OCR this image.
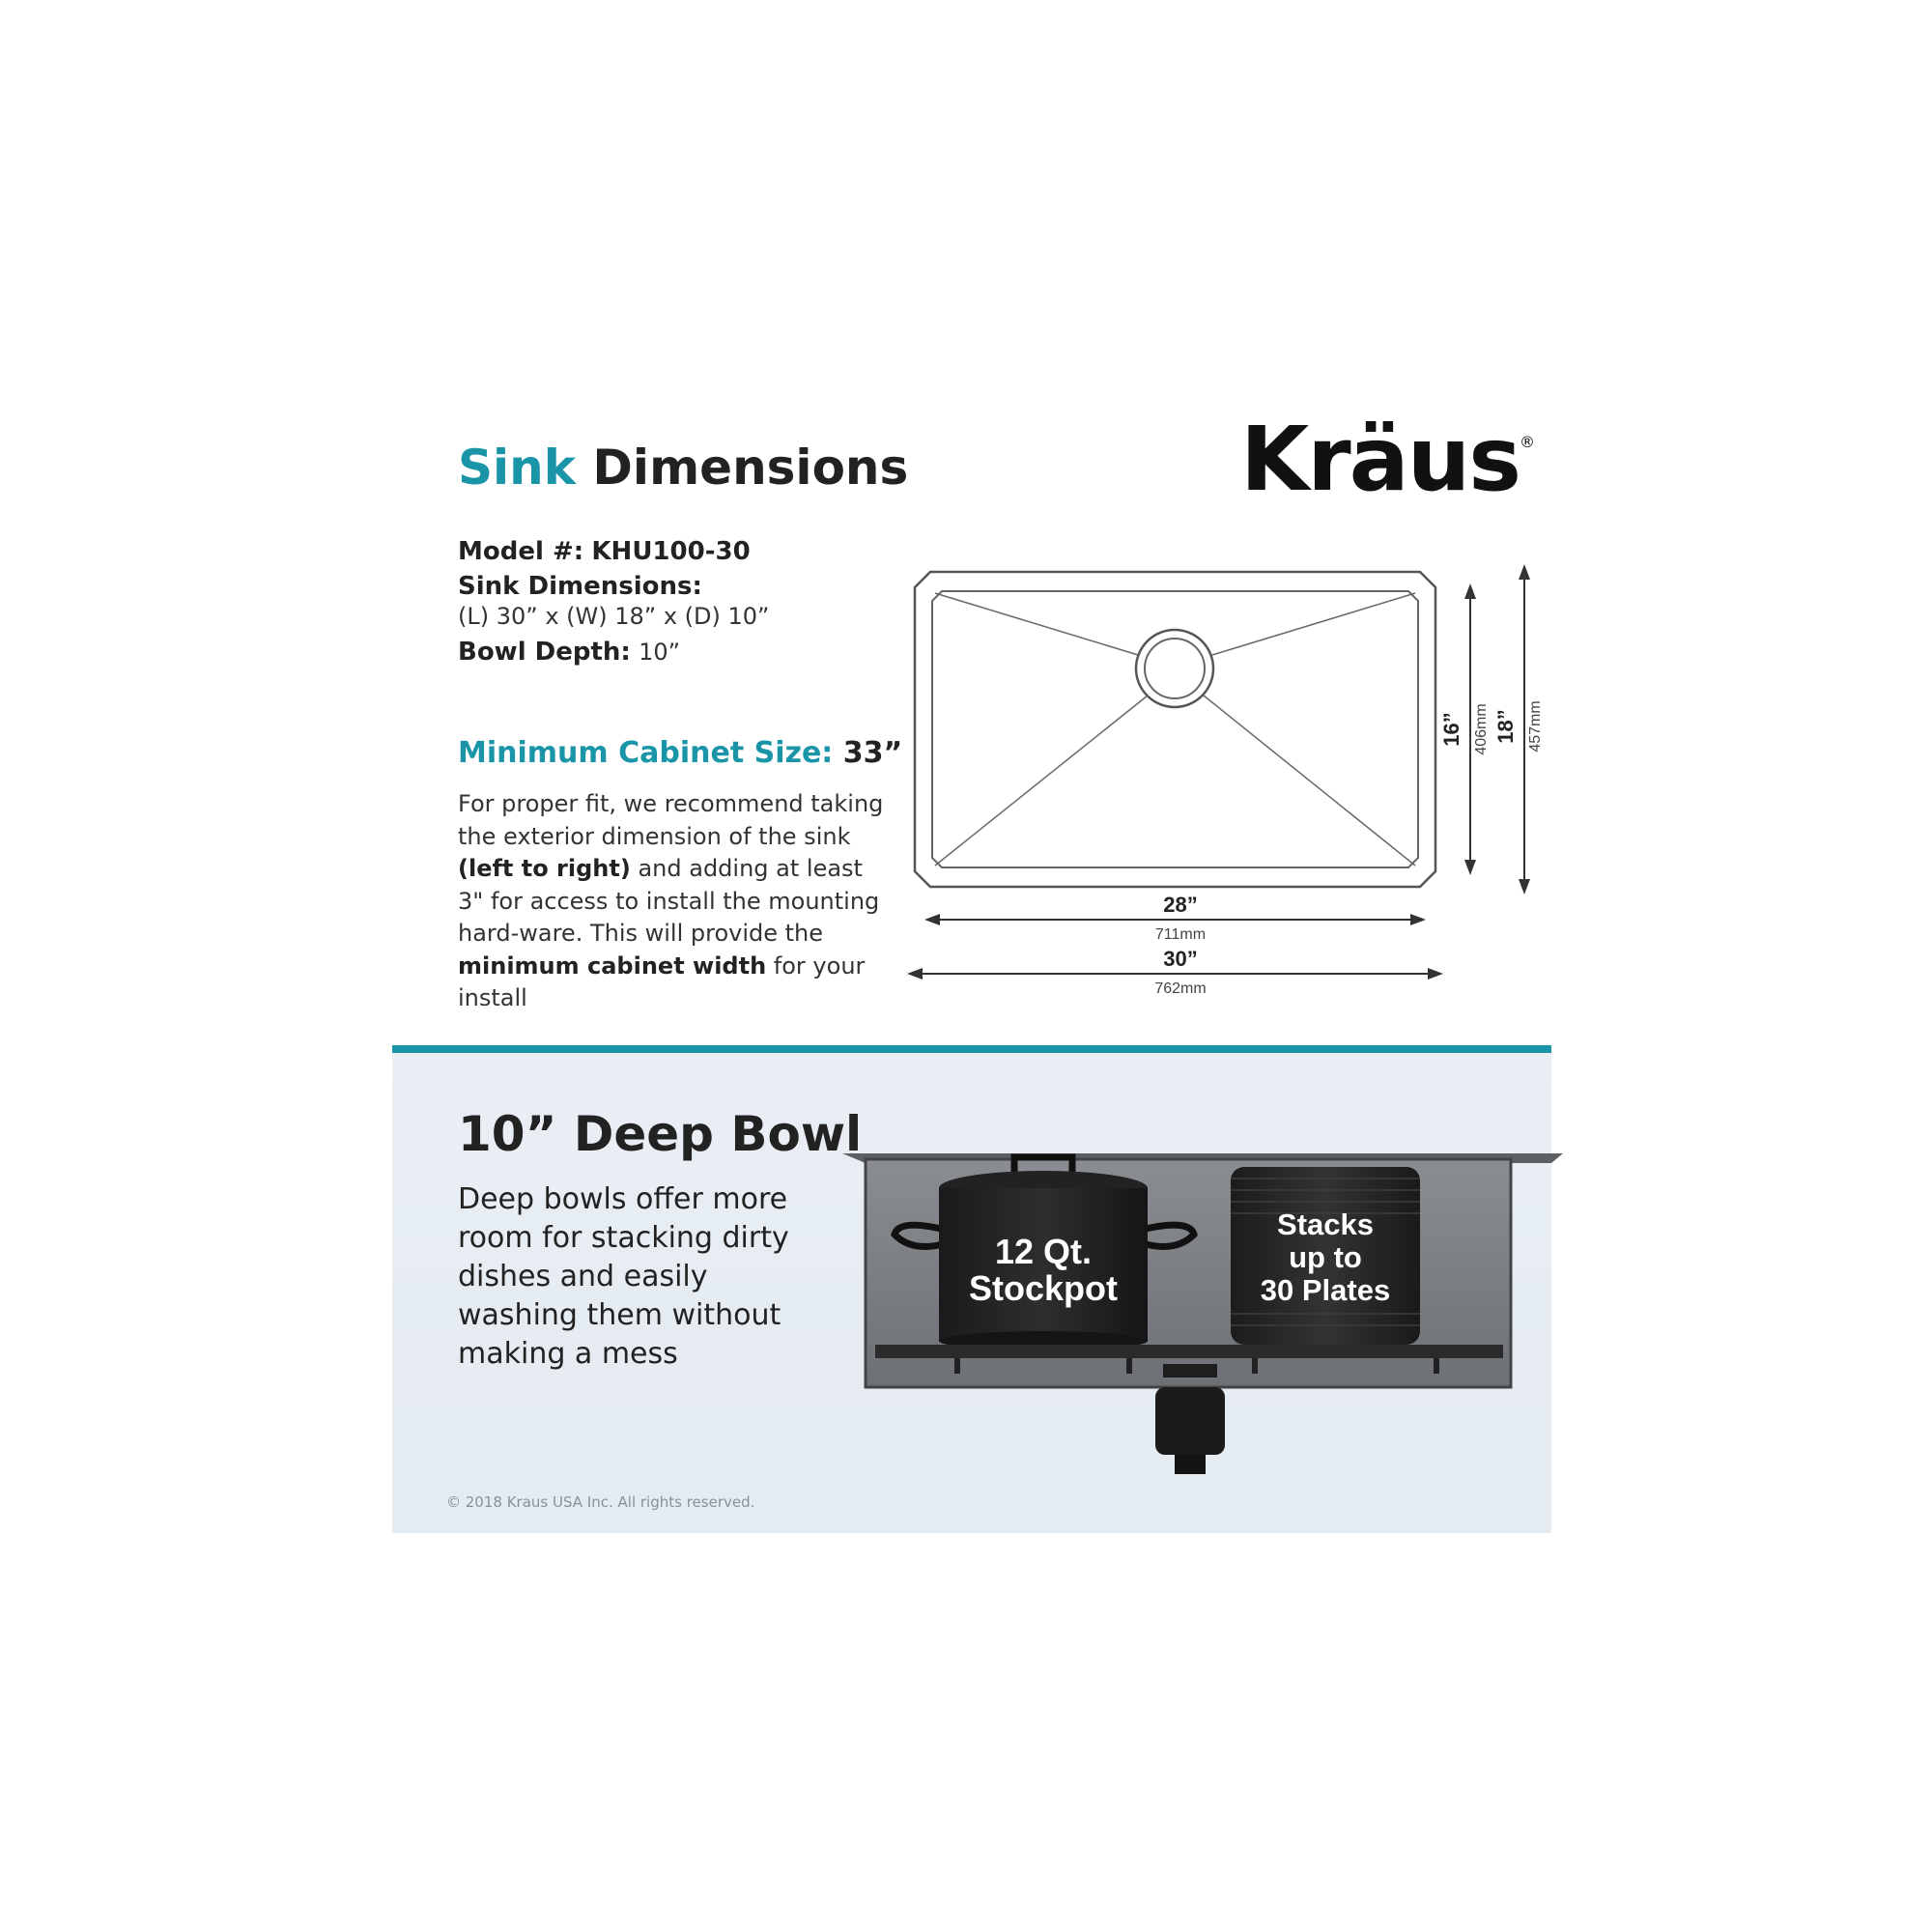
Sink Dimensions	Kräus®
Model #: KHU100-30
Sink Dimensions:
(L) 30” x (W) 18” x (D) 10”
Bowl Depth: 10”
Minimum Cabinet Size: 33”
For proper fit, we recommend taking the exterior dimension of the sink (left to right) and adding at least 3" for access to install the mounting hard-ware. This will provide the minimum cabinet width for your install
28”
711mm
30”
762mm
16” 406mm 18” 457mm
10” Deep Bowl
Deep bowls offer more room for stacking dirty dishes and easily washing them without making a mess
12 Qt.
Stockpot
Stacks
up to
30 Plates
© 2018 Kraus USA Inc. All rights reserved.
